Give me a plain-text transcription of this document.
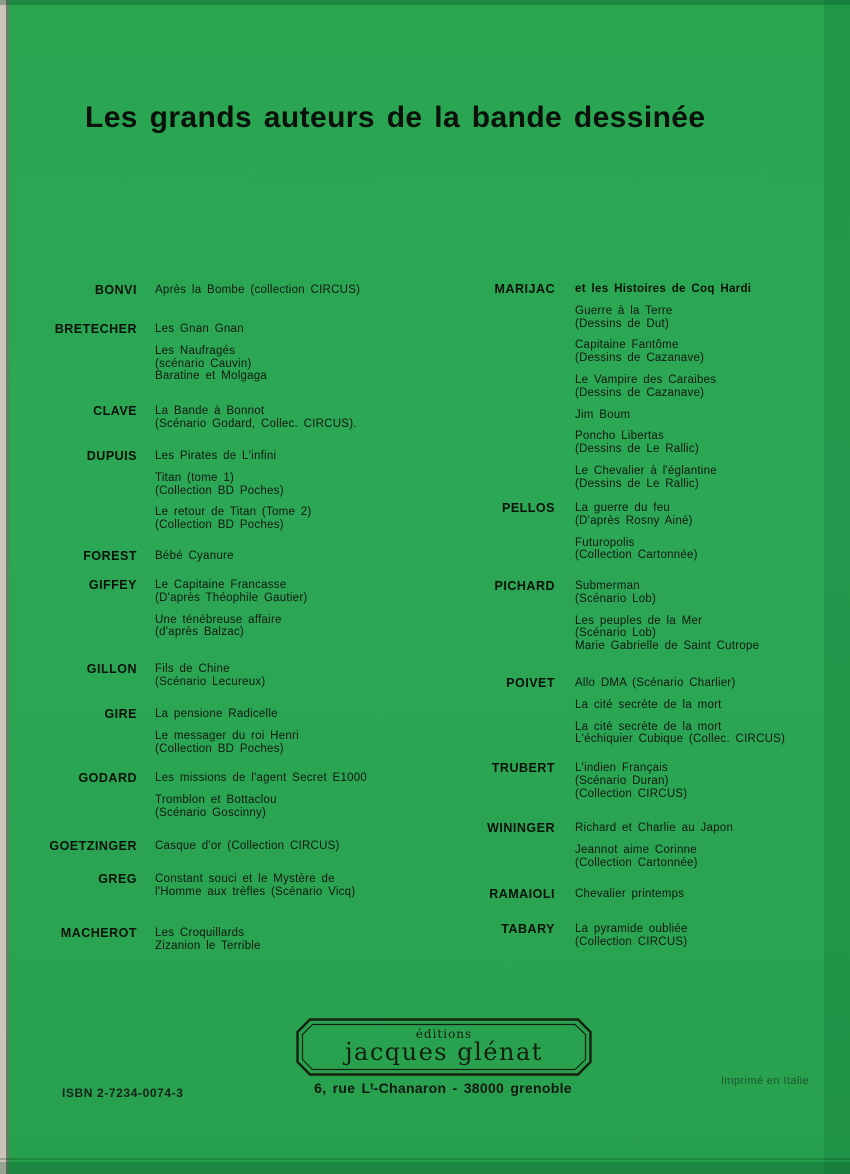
Les grands auteurs de la bande dessinée
BONVI Après la Bombe (collection CIRCUS)
BRETECHER Les Gnan Gnan
Les Naufragés
(scénario Cauvin)
Baratine et Molgaga
CLAVE La Bande à Bonnot
(Scénario Godard, Collec. CIRCUS).
DUPUIS Les Pirates de L'infini
Titan (tome 1)
(Collection BD Poches)
Le retour de Titan (Tome 2)
(Collection BD Poches)
FOREST Bébé Cyanure
GIFFEY Le Capitaine Francasse
(D'après Théophile Gautier)
Une ténébreuse affaire
(d'après Balzac)
GILLON Fils de Chine
(Scénario Lecureux)
GIRE La pensione Radicelle
Le messager du roi Henri
(Collection BD Poches)
GODARD Les missions de l'agent Secret E1000
Tromblon et Bottaclou
(Scénario Goscinny)
GOETZINGER Casque d'or (Collection CIRCUS)
GREG Constant souci et le Mystère de
l'Homme aux trèfles (Scénario Vicq)
MACHEROT Les Croquillards
Zizanion le Terrible
MARIJAC et les Histoires de Coq Hardi
Guerre à la Terre
(Dessins de Dut)
Capitaine Fantôme
(Dessins de Cazanave)
Le Vampire des Caraibes
(Dessins de Cazanave)
Jim Boum
Poncho Libertas
(Dessins de Le Rallic)
Le Chevalier à l'églantine
(Dessins de Le Rallic)
PELLOS La guerre du feu
(D'après Rosny Ainé)
Futuropolis
(Collection Cartonnée)
PICHARD Submerman
(Scénario Lob)
Les peuples de la Mer
(Scénario Lob)
Marie Gabrielle de Saint Cutrope
POIVET Allo DMA (Scénario Charlier)
La cité secrète de la mort
La cité secrète de la mort
L'échiquier Cubique (Collec. CIRCUS)
TRUBERT L'indien Français
(Scénario Duran)
(Collection CIRCUS)
WININGER Richard et Charlie au Japon
Jeannot aime Corinne
(Collection Cartonnée)
RAMAIOLI Chevalier printemps
TABARY La pyramide oubliée
(Collection CIRCUS)
éditions
jacques glénat
6, rue Lᵗ-Chanaron - 38000 grenoble
ISBN 2-7234-0074-3
Imprimé en Italie
